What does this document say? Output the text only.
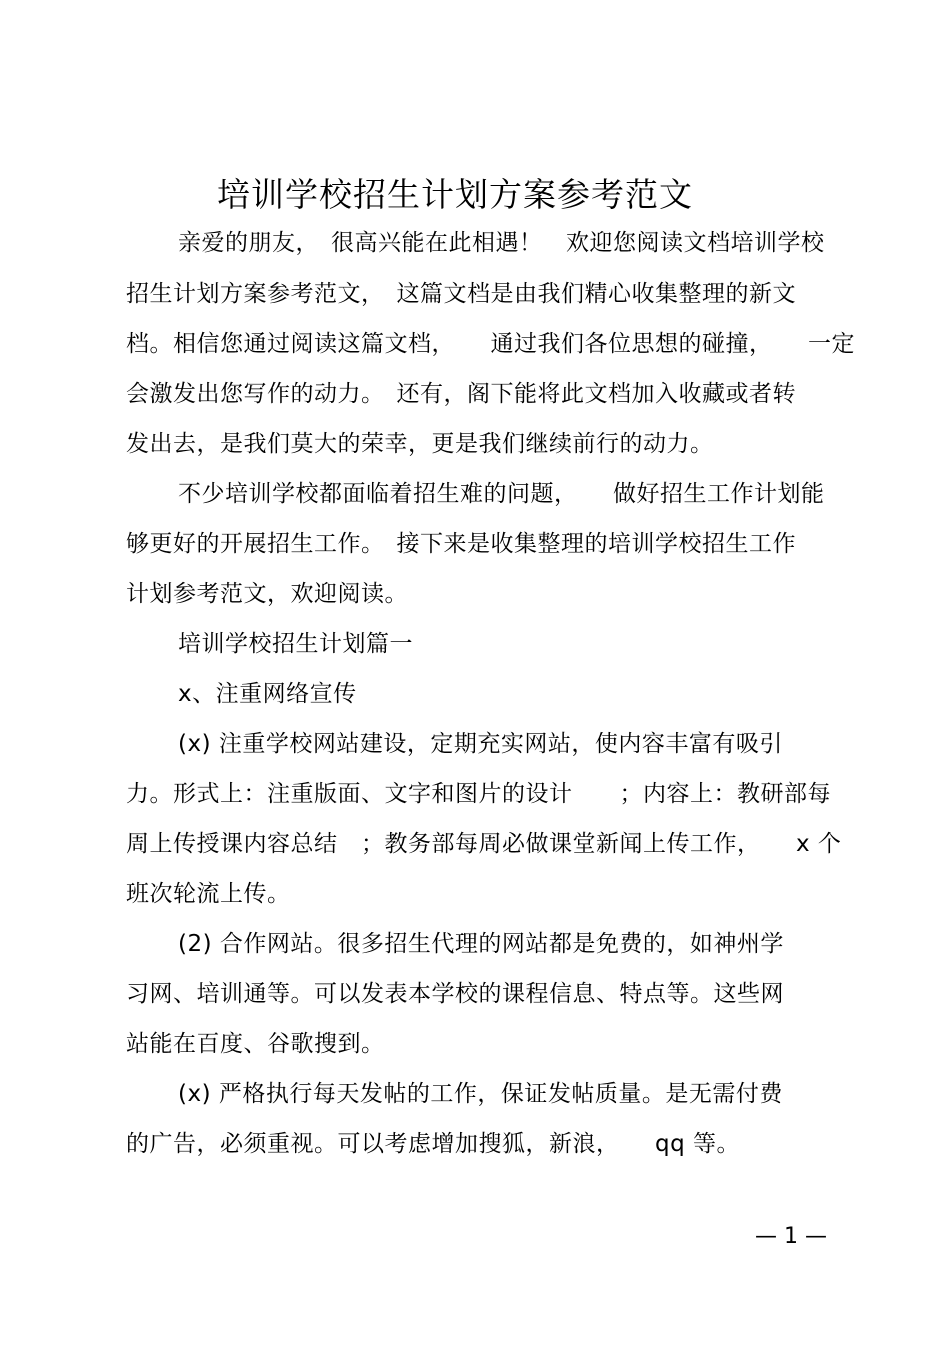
培训学校招生计划方案参考范文
亲爱的朋友，　很高兴能在此相遇！　欢迎您阅读文档培训学校
招生计划方案参考范文，　这篇文档是由我们精心收集整理的新文
档。相信您通过阅读这篇文档，　　通过我们各位思想的碰撞，　　一定
会激发出您写作的动力。　还有，阁下能将此文档加入收藏或者转
发出去，是我们莫大的荣幸，更是我们继续前行的动力。
不少培训学校都面临着招生难的问题，　　做好招生工作计划能
够更好的开展招生工作。　接下来是收集整理的培训学校招生工作
计划参考范文，欢迎阅读。
培训学校招生计划篇一
x、注重网络宣传
(x) 注重学校网站建设，定期充实网站，使内容丰富有吸引
力。形式上：注重版面、文字和图片的设计　　；内容上：教研部每
周上传授课内容总结　；教务部每周必做课堂新闻上传工作，　　x 个
班次轮流上传。
(2) 合作网站。很多招生代理的网站都是免费的，如神州学
习网、培训通等。可以发表本学校的课程信息、特点等。这些网
站能在百度、谷歌搜到。
(x) 严格执行每天发帖的工作，保证发帖质量。是无需付费
的广告，必须重视。可以考虑增加搜狐，新浪，　　qq 等。
— 1 —
